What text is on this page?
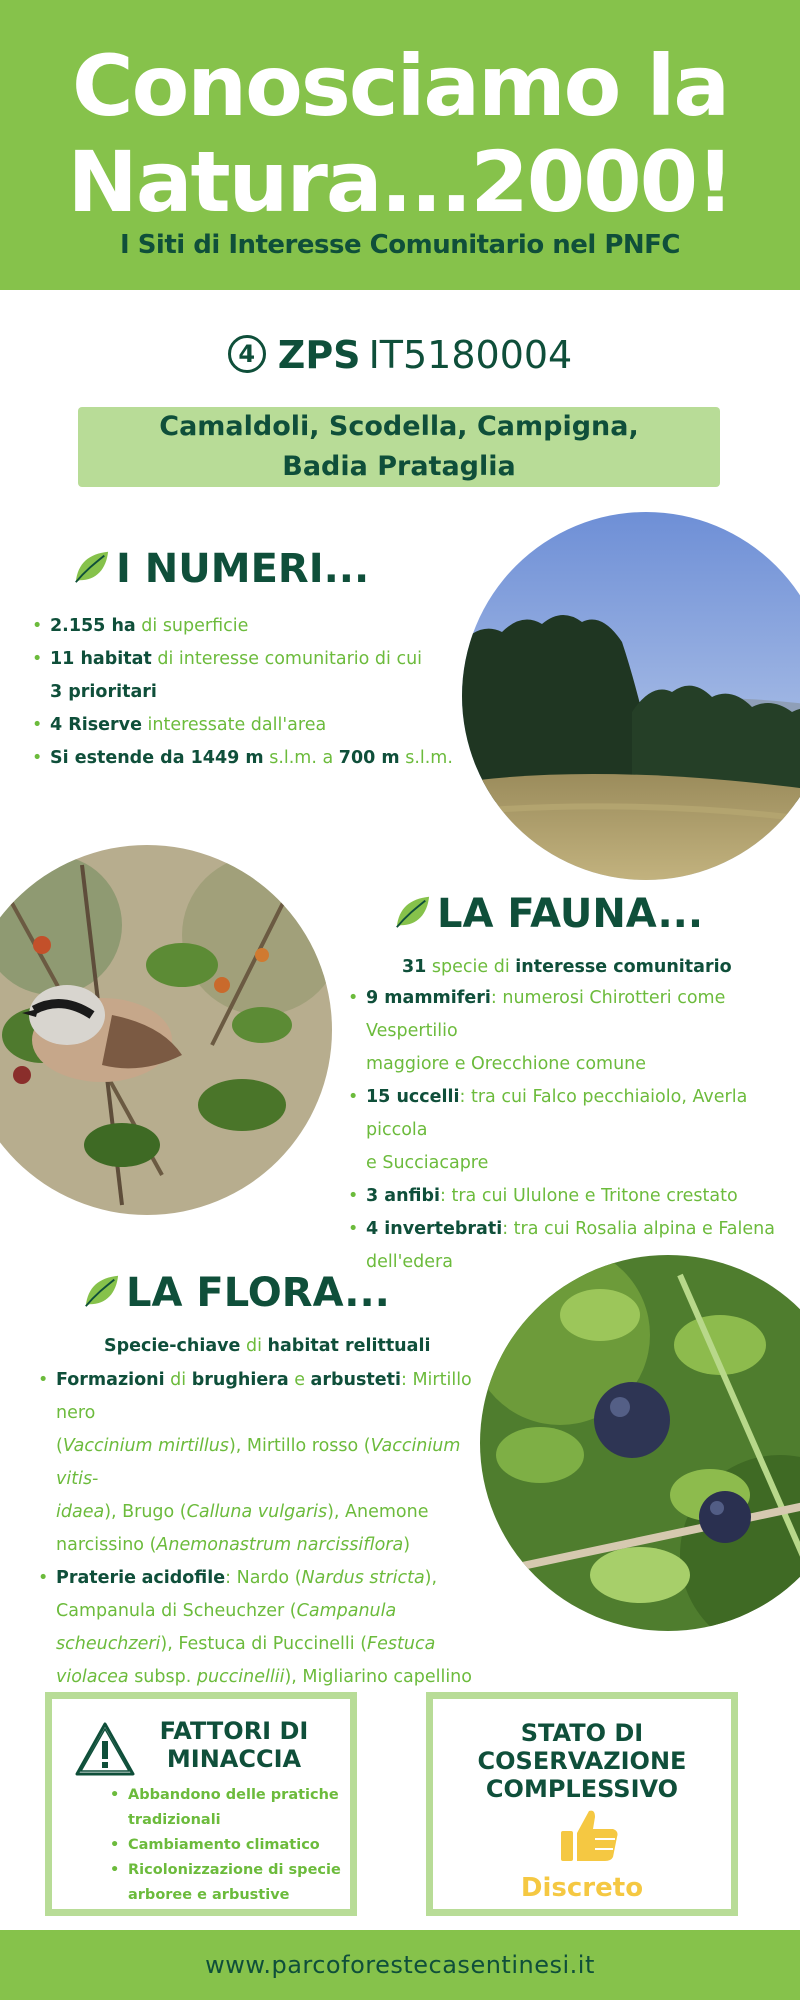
Conosciamo la
Natura...2000!
I Siti di Interesse Comunitario nel PNFC
4 ZPS IT5180004
Camaldoli, Scodella, Campigna,
Badia Prataglia
I NUMERI...
• 2.155 ha di superficie
• 11 habitat di interesse comunitario di cui
3 prioritari
• 4 Riserve interessate dall'area
• Si estende da 1449 m s.l.m. a 700 m s.l.m.
LA FAUNA...
31 specie di interesse comunitario
• 9 mammiferi: numerosi Chirotteri come Vespertilio
maggiore e Orecchione comune
• 15 uccelli: tra cui Falco pecchiaiolo, Averla piccola
e Succiacapre
• 3 anfibi: tra cui Ululone e Tritone crestato
• 4 invertebrati: tra cui Rosalia alpina e Falena
dell'edera
LA FLORA...
Specie-chiave di habitat relittuali
• Formazioni di brughiera e arbusteti: Mirtillo nero
(Vaccinium mirtillus), Mirtillo rosso (Vaccinium vitis-
idaea), Brugo (Calluna vulgaris), Anemone
narcissino (Anemonastrum narcissiflora)
• Praterie acidofile: Nardo (Nardus stricta),
Campanula di Scheuchzer (Campanula
scheuchzeri), Festuca di Puccinelli (Festuca
violacea subsp. puccinellii), Migliarino capellino

FATTORI DI
MINACCIA
• Abbandono delle pratiche
tradizionali
• Cambiamento climatico
• Ricolonizzazione di specie
arboree e arbustive
STATO DI
COSERVAZIONE
COMPLESSIVO
Discreto
www.parcoforestecasentinesi.it
